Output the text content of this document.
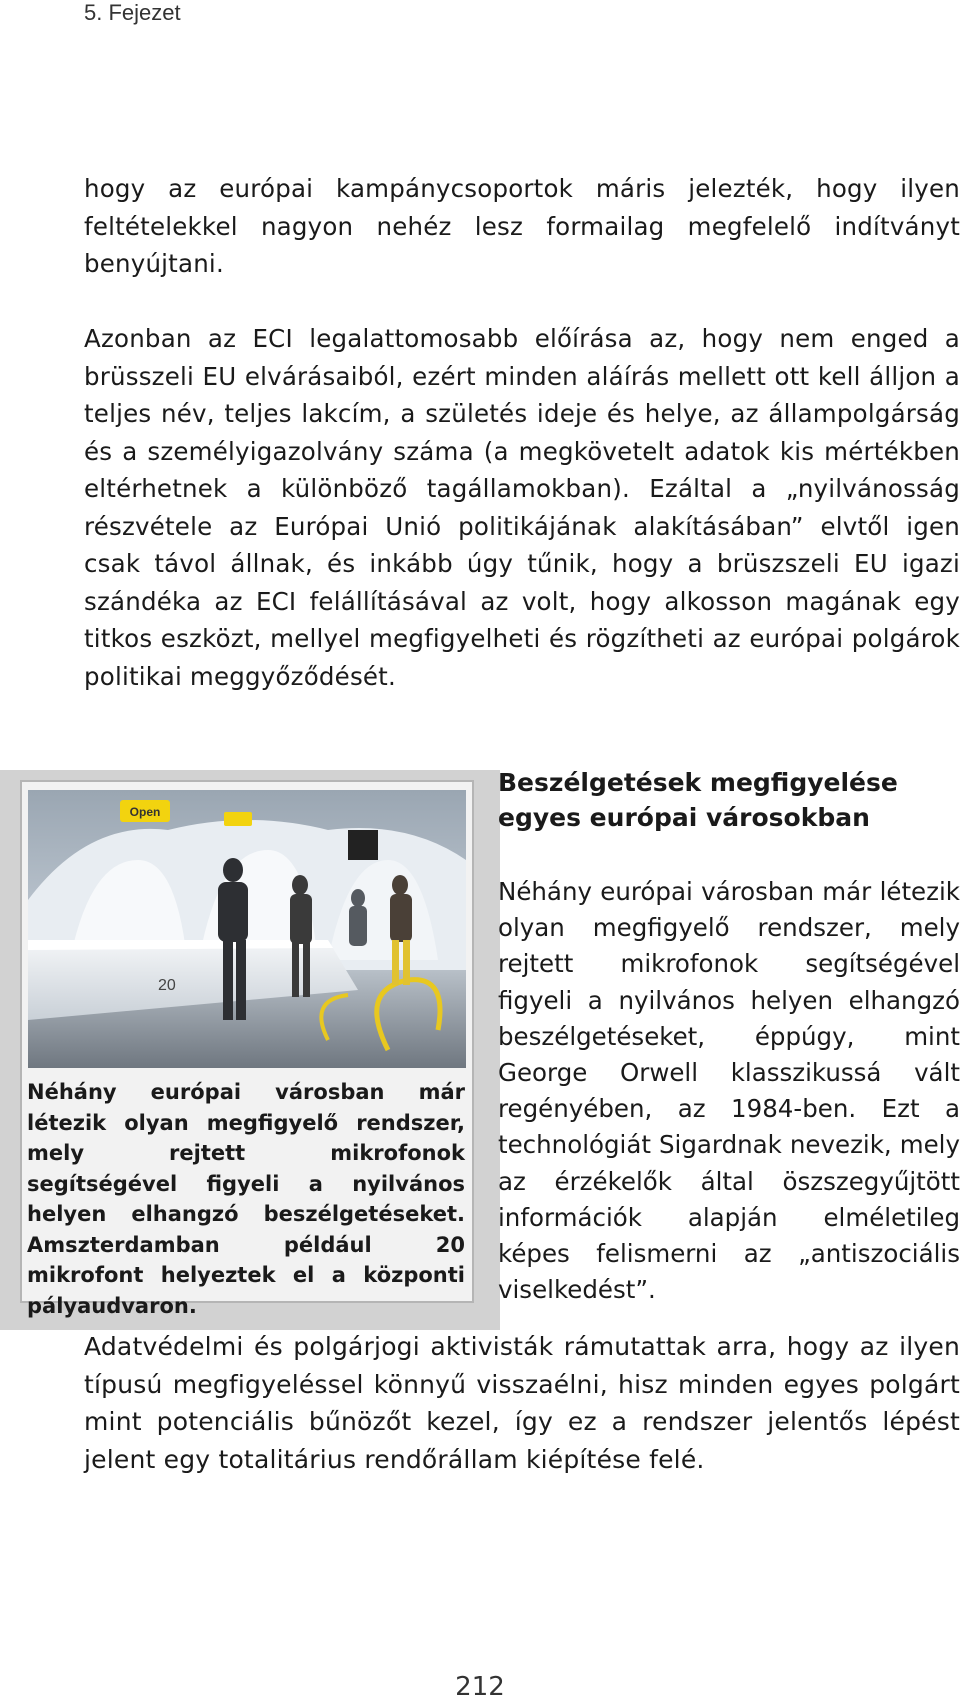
5. Fejezet

hogy az európai kampánycsoportok máris jelezték, hogy ilyen feltételekkel nagyon nehéz lesz formailag megfelelő indítványt benyújtani.

Azonban az ECI legalattomosabb előírása az, hogy nem enged a brüsszeli EU elvárásaiból, ezért minden aláírás mellett ott kell álljon a teljes név, teljes lakcím, a születés ideje és helye, az állampolgárság és a személyigazolvány száma (a megkövetelt adatok kis mértékben eltérhetnek a különböző tagállamokban). Ezáltal a „nyilvánosság részvétele az Európai Unió politikájának alakításában” elvtől igen csak távol állnak, és inkább úgy tűnik, hogy a brüszszeli EU igazi szándéka az ECI felállításával az volt, hogy alkosson magának egy titkos eszközt, mellyel megfigyelheti és rögzítheti az európai polgárok politikai meggyőződését.

Open
20

Néhány európai városban már létezik olyan megfigyelő rendszer, mely rejtett mikrofonok segítségével figyeli a nyilvános helyen elhangzó beszélgetéseket. Amszterdamban például 20 mikrofont helyeztek el a központi pályaudvaron.

Beszélgetések megfigyelése egyes európai városokban

Néhány európai városban már létezik olyan megfigyelő rendszer, mely rejtett mikrofonok segítségével figyeli a nyilvános helyen elhangzó beszélgetéseket, éppúgy, mint George Orwell klasszikussá vált regényében, az 1984-ben. Ezt a technológiát Sigardnak nevezik, mely az érzékelők által öszszegyűjtött információk alapján elméletileg képes felismerni az „antiszociális viselkedést”.

Adatvédelmi és polgárjogi aktivisták rámutattak arra, hogy az ilyen típusú megfigyeléssel könnyű visszaélni, hisz minden egyes polgárt mint potenciális bűnözőt kezel, így ez a rendszer jelentős lépést jelent egy totalitárius rendőrállam kiépítése felé.

212
